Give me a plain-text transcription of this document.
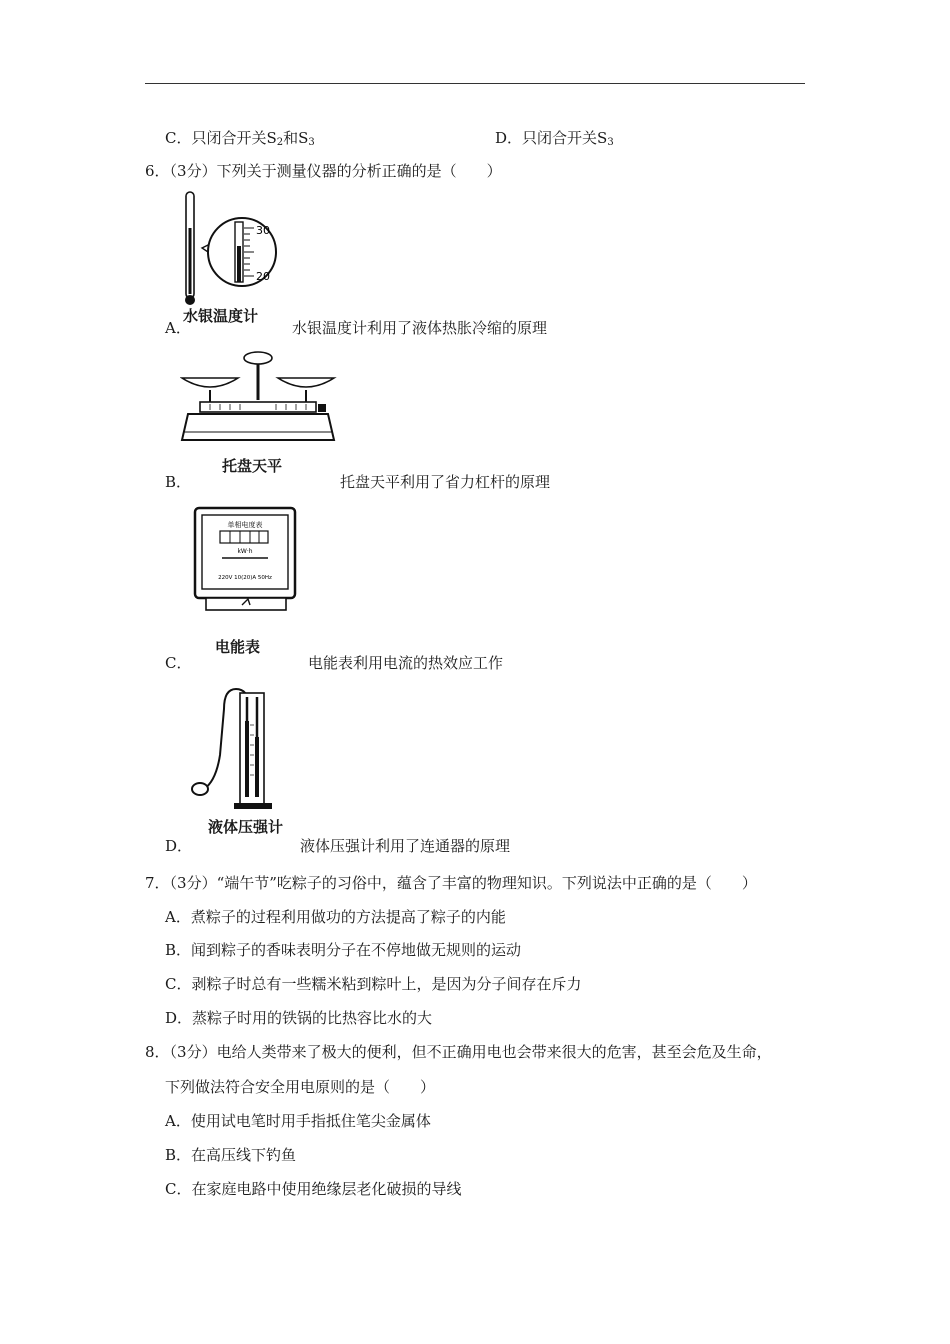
C．只闭合开关$S_2$和$S_3$	D．只闭合开关$S_3$
6．（3分）下列关于测量仪器的分析正确的是（　　）
30
20
水银温度计
A．	水银温度计利用了液体热胀冷缩的原理
托盘天平
B．	托盘天平利用了省力杠杆的原理
单相电度表
kW·h
220V 10(20)A 50Hz
电能表
C．	电能表利用电流的热效应工作
液体压强计
D．	液体压强计利用了连通器的原理
7．（3分）“端午节”吃粽子的习俗中，蕴含了丰富的物理知识。下列说法中正确的是（　　）
A．煮粽子的过程利用做功的方法提高了粽子的内能
B．闻到粽子的香味表明分子在不停地做无规则的运动
C．剥粽子时总有一些糯米粘到粽叶上，是因为分子间存在斥力
D．蒸粽子时用的铁锅的比热容比水的大
8．（3分）电给人类带来了极大的便利，但不正确用电也会带来很大的危害，甚至会危及生命，
下列做法符合安全用电原则的是（　　）
A．使用试电笔时用手指抵住笔尖金属体
B．在高压线下钓鱼
C．在家庭电路中使用绝缘层老化破损的导线
